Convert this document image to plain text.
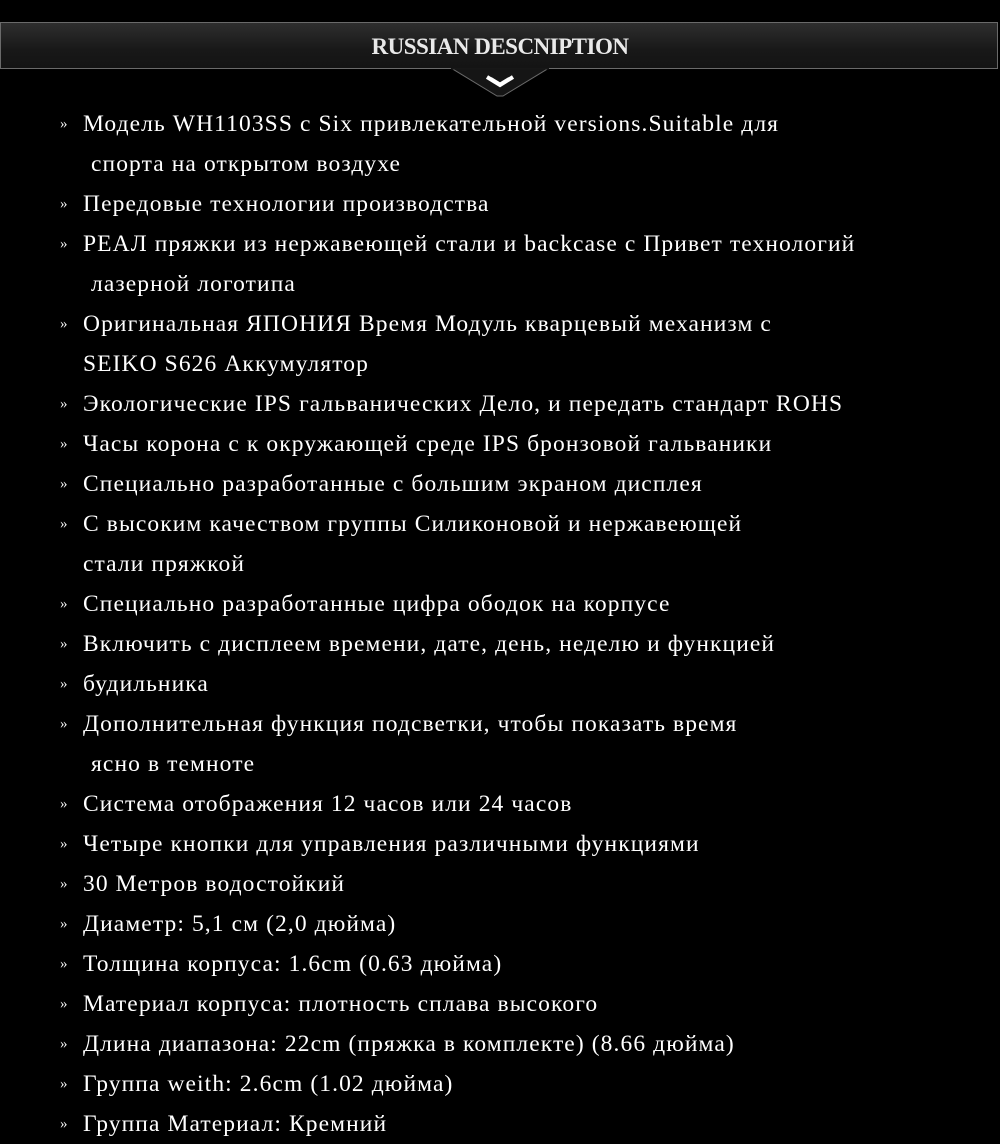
RUSSIAN DESCNIPTION
» Модель WH1103SS с Six привлекательной versions.Suitable для
спорта на открытом воздухе
» Передовые технологии производства
» PEAЛ пряжки из нержавеющей стали и backcase с Привет технологий
лазерной логотипа
» Оригинальная ЯПОНИЯ Время Модуль кварцевый механизм с
SEIKO S626 Аккумулятор
» Экологические IPS гальванических Дело, и передать стандарт ROHS
» Часы корона с к окружающей среде IPS бронзовой гальваники
» Специально разработанные с большим экраном дисплея
» С высоким качеством группы Силиконовой и нержавеющей
стали пряжкой
» Специально разработанные цифра ободок на корпусе
» Включить с дисплеем времени, дате, день, неделю и функцией
» будильника
» Дополнительная функция подсветки, чтобы показать время
ясно в темноте
» Система отображения 12 часов или 24 часов
» Четыре кнопки для управления различными функциями
» 30 Метров водостойкий
» Диаметр: 5,1 см (2,0 дюйма)
» Толщина корпуса: 1.6cm (0.63 дюйма)
» Материал корпуса: плотность сплава высокого
» Длина диапазона: 22cm (пряжка в комплекте) (8.66 дюйма)
» Группа weith: 2.6cm (1.02 дюйма)
» Группа Материал: Кремний
